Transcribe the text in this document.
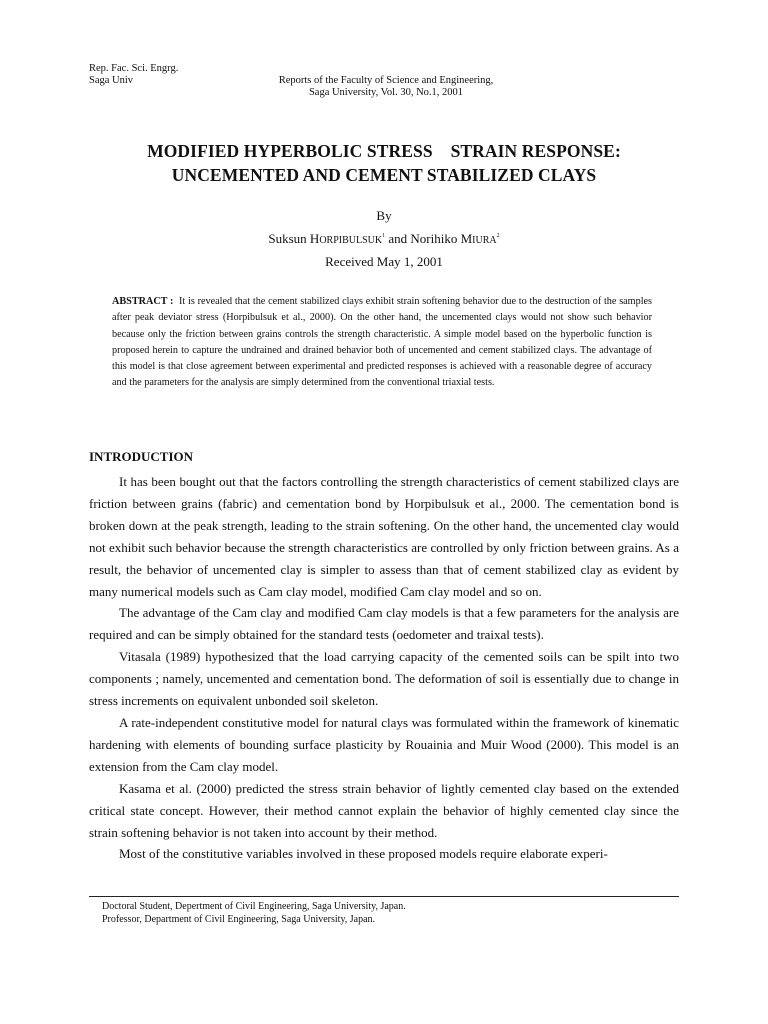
Rep. Fac. Sci. Engrg.
Saga Univ	Reports of the Faculty of Science and Engineering,
Saga University, Vol. 30, No.1, 2001
MODIFIED HYPERBOLIC STRESS    STRAIN RESPONSE:
UNCEMENTED AND CEMENT STABILIZED CLAYS
By
Suksun HORPIBULSUK$^1$ and Norihiko MIURA$^2$
Received May 1, 2001
ABSTRACT : It is revealed that the cement stabilized clays exhibit strain softening behavior due to the destruction of the samples after peak deviator stress (Horpibulsuk et al., 2000). On the other hand, the uncemented clays would not show such behavior because only the friction between grains controls the strength characteristic. A simple model based on the hyperbolic function is proposed herein to capture the undrained and drained behavior both of uncemented and cement stabilized clays. The advantage of this model is that close agreement between experimental and predicted responses is achieved with a reasonable degree of accuracy and the parameters for the analysis are simply determined from the conventional triaxial tests.
INTRODUCTION

It has been bought out that the factors controlling the strength characteristics of cement stabilized clays are friction between grains (fabric) and cementation bond by Horpibulsuk et al., 2000. The cementation bond is broken down at the peak strength, leading to the strain softening. On the other hand, the uncemented clay would not exhibit such behavior because the strength characteristics are controlled by only friction between grains. As a result, the behavior of uncemented clay is simpler to assess than that of cement stabilized clay as evident by many numerical models such as Cam clay model, modified Cam clay model and so on.

The advantage of the Cam clay and modified Cam clay models is that a few parameters for the analysis are required and can be simply obtained for the standard tests (oedometer and traixal tests).

Vitasala (1989) hypothesized that the load carrying capacity of the cemented soils can be spilt into two components ; namely, uncemented and cementation bond. The deformation of soil is essentially due to change in stress increments on equivalent unbonded soil skeleton.

A rate-independent constitutive model for natural clays was formulated within the framework of kinematic hardening with elements of bounding surface plasticity by Rouainia and Muir Wood (2000). This model is an extension from the Cam clay model.

Kasama et al. (2000) predicted the stress strain behavior of lightly cemented clay based on the extended critical state concept. However, their method cannot explain the behavior of highly cemented clay since the strain softening behavior is not taken into account by their method.

Most of the constitutive variables involved in these proposed models require elaborate experi-

Doctoral Student, Depertment of Civil Engineering, Saga University, Japan.
Professor, Department of Civil Engineering, Saga University, Japan.
